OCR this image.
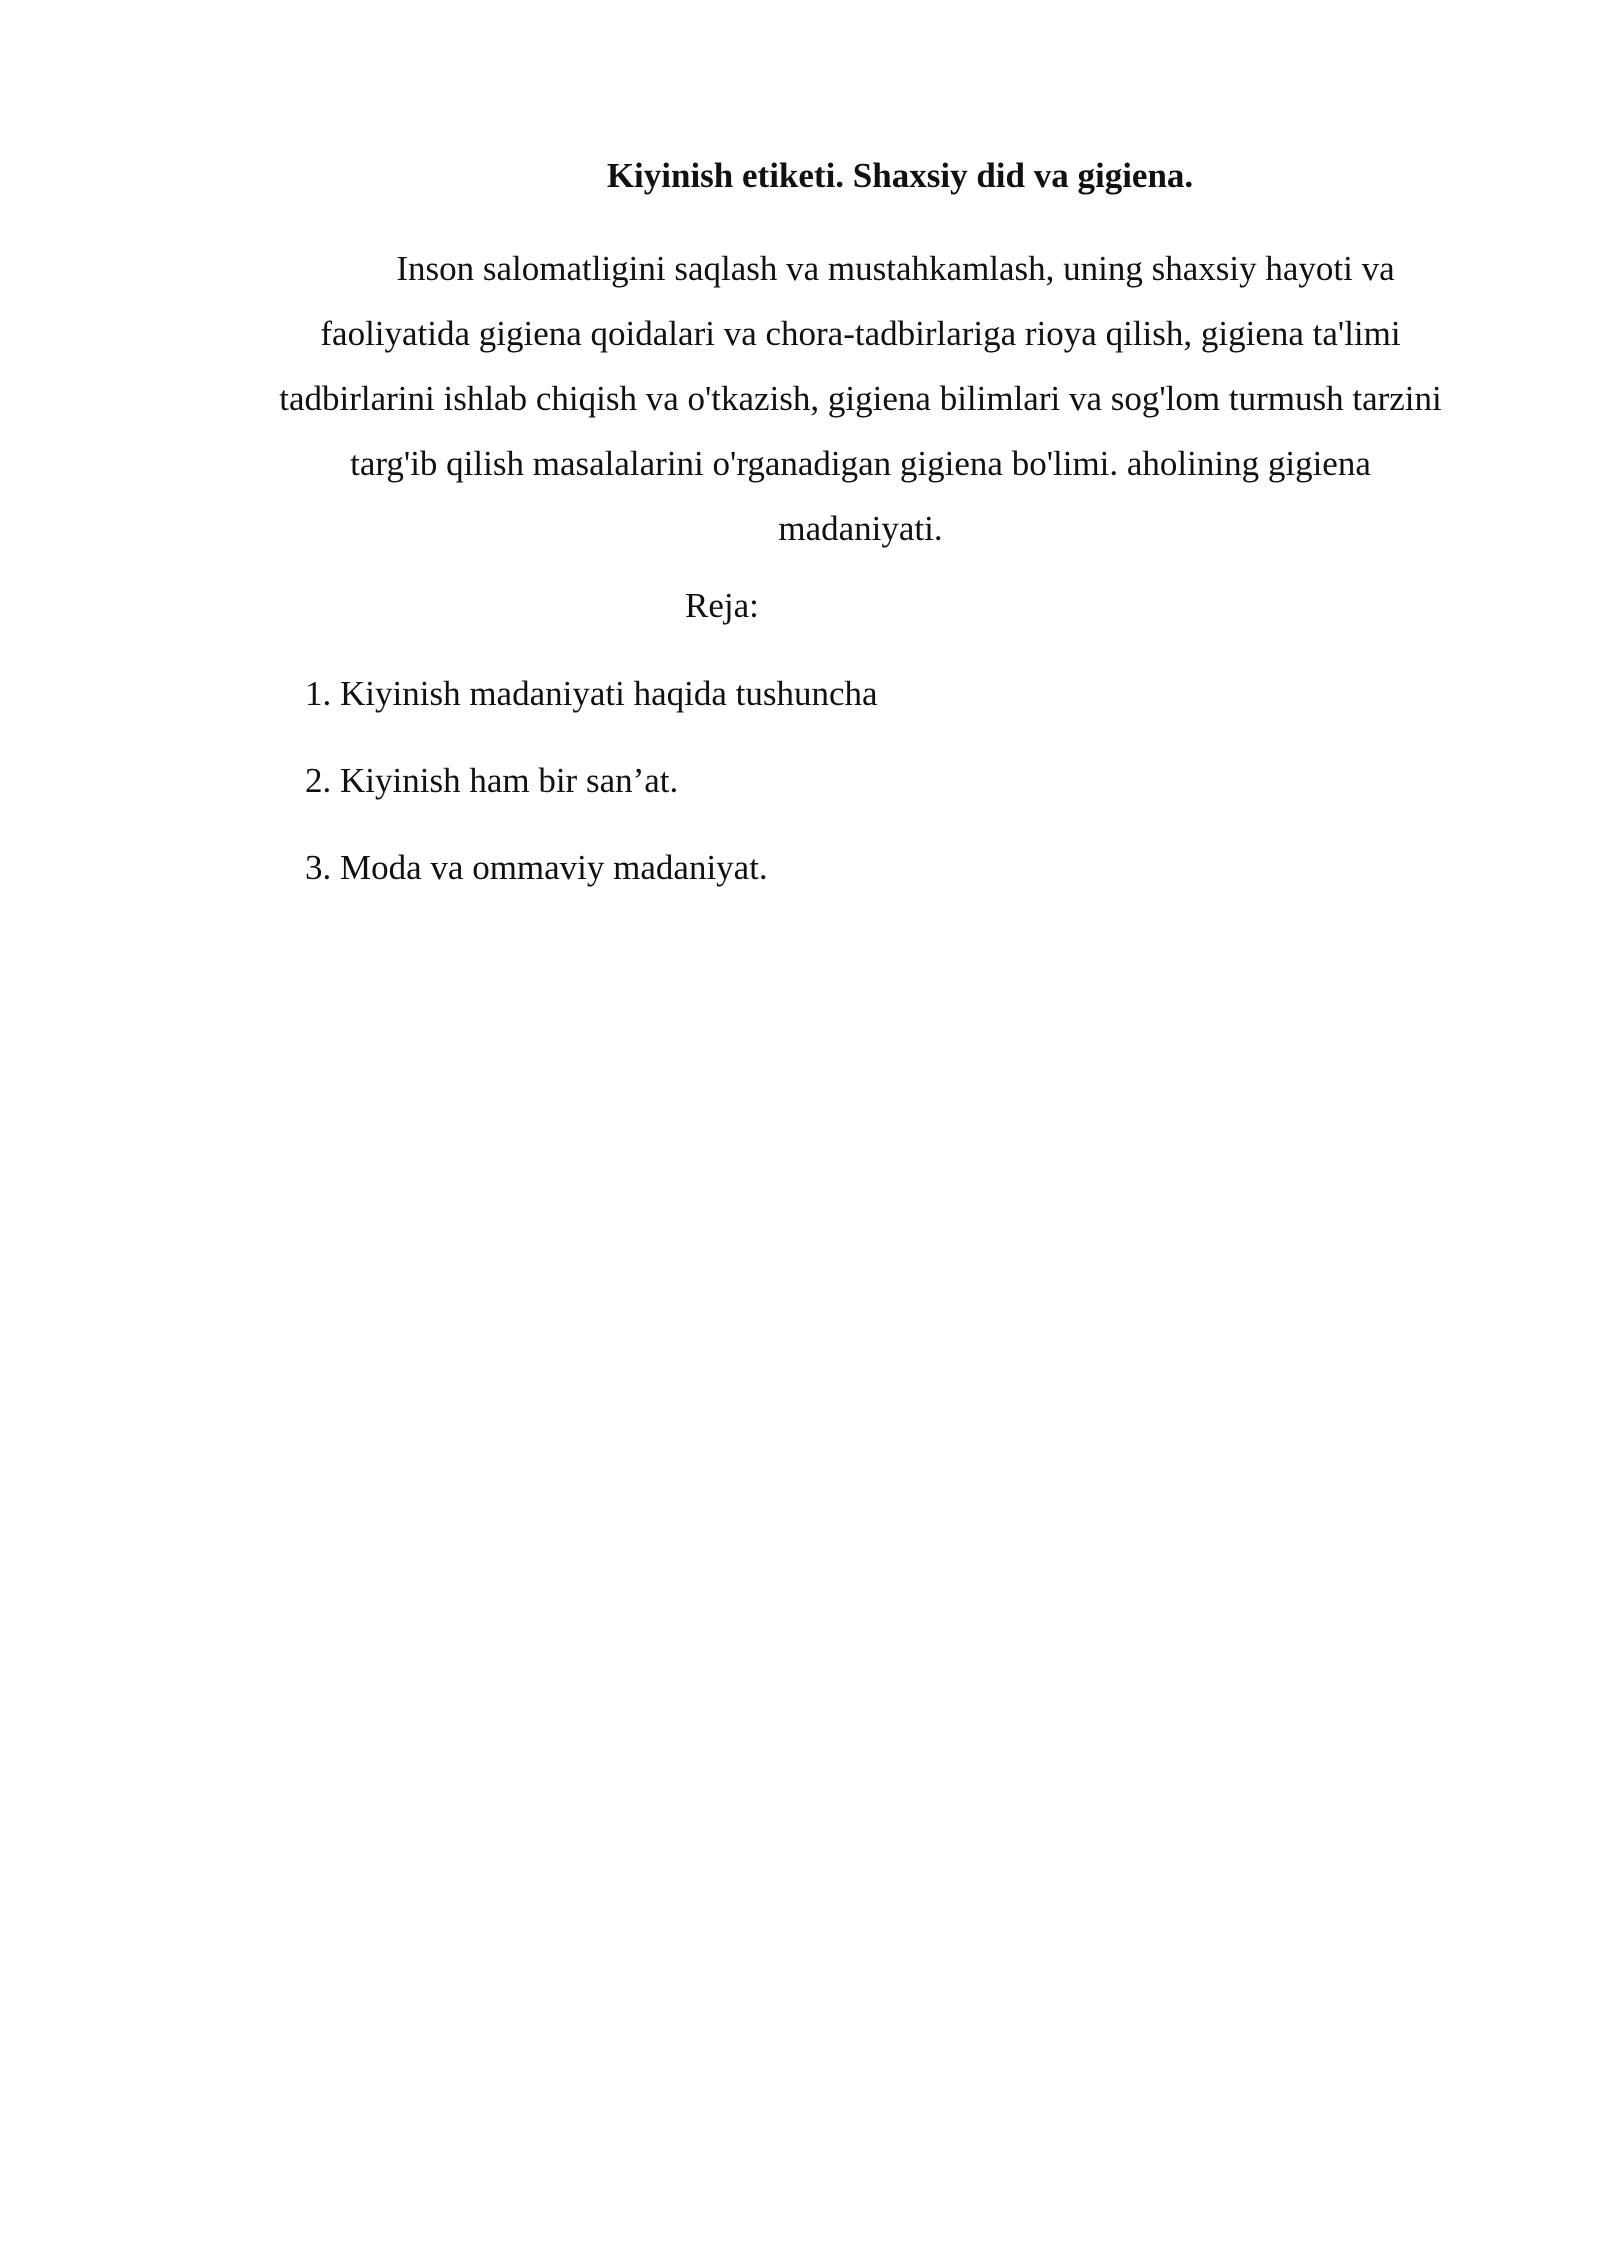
Kiyinish etiketi. Shaxsiy did va gigiena.

Inson salomatligini saqlash va mustahkamlash, uning shaxsiy hayoti va
faoliyatida gigiena qoidalari va chora-tadbirlariga rioya qilish, gigiena ta'limi
tadbirlarini ishlab chiqish va o'tkazish, gigiena bilimlari va sog'lom turmush tarzini
targ'ib qilish masalalarini o'rganadigan gigiena bo'limi. aholining gigiena
madaniyati.

Reja:
1. Kiyinish madaniyati haqida tushuncha
2. Kiyinish ham bir san’at.
3. Moda va ommaviy madaniyat.
